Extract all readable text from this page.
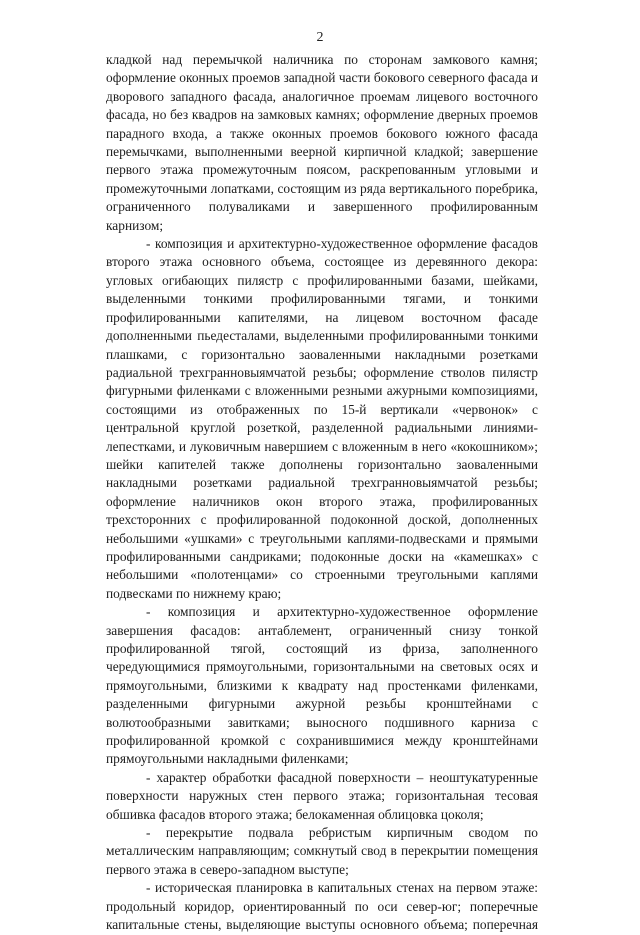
2

кладкой над перемычкой наличника по сторонам замкового камня; оформление оконных проемов западной части бокового северного фасада и дворового западного фасада, аналогичное проемам лицевого восточного фасада, но без квадров на замковых камнях; оформление дверных проемов парадного входа, а также оконных проемов бокового южного фасада перемычками, выполненными веерной кирпичной кладкой; завершение первого этажа промежуточным поясом, раскрепованным угловыми и промежуточными лопатками, состоящим из ряда вертикального поребрика, ограниченного полуваликами и завершенного профилированным карнизом;

- композиция и архитектурно-художественное оформление фасадов второго этажа основного объема, состоящее из деревянного декора: угловых огибающих пилястр с профилированными базами, шейками, выделенными тонкими профилированными тягами, и тонкими профилированными капителями, на лицевом восточном фасаде дополненными пьедесталами, выделенными профилированными тонкими плашками, с горизонтально заоваленными накладными розетками радиальной трехгранновыямчатой резьбы; оформление стволов пилястр фигурными филенками с вложенными резными ажурными композициями, состоящими из отображенных по 15-й вертикали «червонок» с центральной круглой розеткой, разделенной радиальными линиями-лепестками, и луковичным навершием с вложенным в него «кокошником»; шейки капителей также дополнены горизонтально заоваленными накладными розетками радиальной трехгранновыямчатой резьбы; оформление наличников окон второго этажа, профилированных трехсторонних с профилированной подоконной доской, дополненных небольшими «ушками» с треугольными каплями-подвесками и прямыми профилированными сандриками; подоконные доски на «камешках» с небольшими «полотенцами» со строенными треугольными каплями подвесками по нижнему краю;

- композиция и архитектурно-художественное оформление завершения фасадов: антаблемент, ограниченный снизу тонкой профилированной тягой, состоящий из фриза, заполненного чередующимися прямоугольными, горизонтальными на световых осях и прямоугольными, близкими к квадрату над простенками филенками, разделенными фигурными ажурной резьбы кронштейнами с волютообразными завитками; выносного подшивного карниза с профилированной кромкой с сохранившимися между кронштейнами прямоугольными накладными филенками;

- характер обработки фасадной поверхности – неоштукатуренные поверхности наружных стен первого этажа; горизонтальная тесовая обшивка фасадов второго этажа; белокаменная облицовка цоколя;

- перекрытие подвала ребристым кирпичным сводом по металлическим направляющим; сомкнутый свод в перекрытии помещения первого этажа в северо-западном выступе;

- историческая планировка в капитальных стенах на первом этаже: продольный коридор, ориентированный по оси север-юг; поперечные капитальные стены, выделяющие выступы основного объема; поперечная
